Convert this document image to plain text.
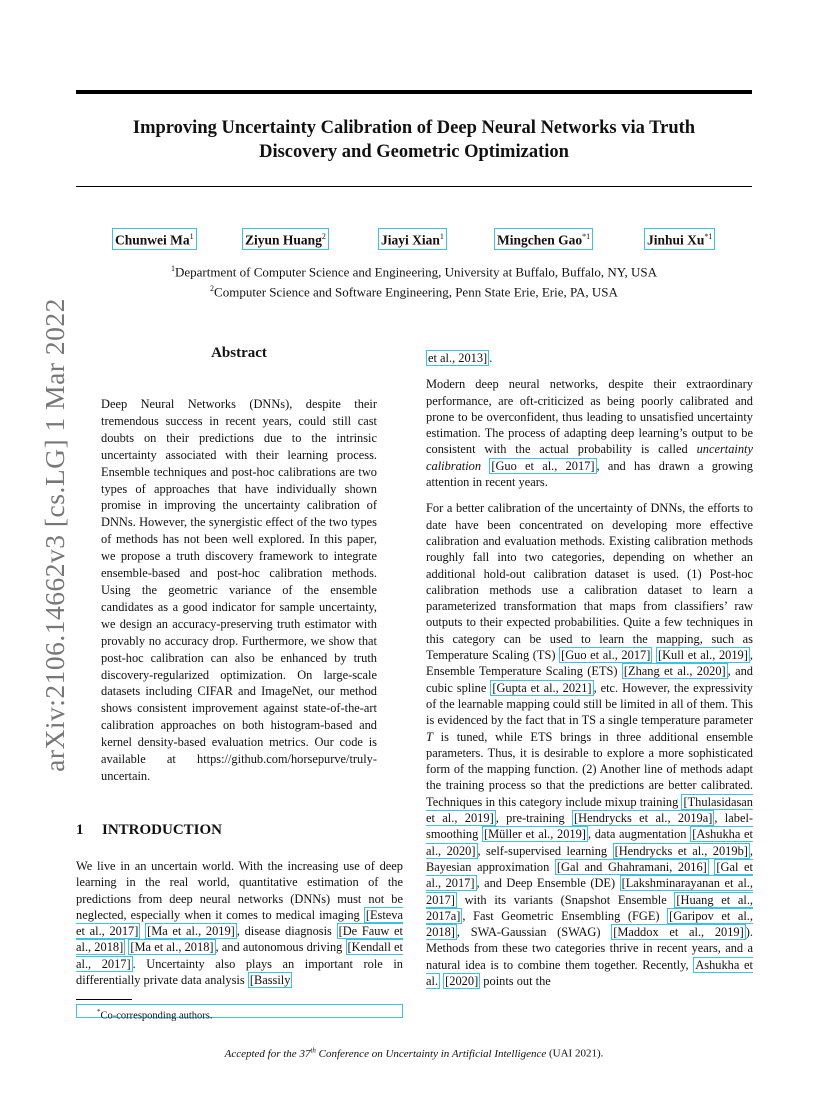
Improving Uncertainty Calibration of Deep Neural Networks via Truth
Discovery and Geometric Optimization
Chunwei Ma$^1$	Ziyun Huang$^2$	Jiayi Xian$^1$	Mingchen Gao$^{*1}$	Jinhui Xu$^{*1}$
$^1$Department of Computer Science and Engineering, University at Buffalo, Buffalo, NY, USA
$^2$Computer Science and Software Engineering, Penn State Erie, Erie, PA, USA
arXiv:2106.14662v3 [cs.LG] 1 Mar 2022	Abstract
Deep Neural Networks (DNNs), despite their tremendous success in recent years, could still cast doubts on their predictions due to the intrinsic uncertainty associated with their learning process. Ensemble techniques and post-hoc calibrations are two types of approaches that have individually shown promise in improving the uncertainty calibration of DNNs. However, the synergistic effect of the two types of methods has not been well explored. In this paper, we propose a truth discovery framework to integrate ensemble-based and post-hoc calibration methods. Using the geometric variance of the ensemble candidates as a good indicator for sample uncertainty, we design an accuracy-preserving truth estimator with provably no accuracy drop. Furthermore, we show that post-hoc calibration can also be enhanced by truth discovery-regularized optimization. On large-scale datasets including CIFAR and ImageNet, our method shows consistent improvement against state-of-the-art calibration approaches on both histogram-based and kernel density-based evaluation metrics. Our code is available at https://github.com/horsepurve/truly-uncertain.
1 INTRODUCTION
We live in an uncertain world. With the increasing use of deep learning in the real world, quantitative estimation of the predictions from deep neural networks (DNNs) must not be neglected, especially when it comes to medical imaging [Esteva et al., 2017] [Ma et al., 2019] , disease diagnosis [De Fauw et al., 2018] [Ma et al., 2018] , and autonomous driving [Kendall et al., 2017] . Uncertainty also plays an important role in differentially private data analysis [Bassily

et al., 2013] .

Modern deep neural networks, despite their extraordinary performance, are oft-criticized as being poorly calibrated and prone to be overconfident, thus leading to unsatisfied uncertainty estimation. The process of adapting deep learning’s output to be consistent with the actual probability is called uncertainty calibration [Guo et al., 2017] , and has drawn a growing attention in recent years.

For a better calibration of the uncertainty of DNNs, the efforts to date have been concentrated on developing more effective calibration and evaluation methods. Existing calibration methods roughly fall into two categories, depending on whether an additional hold-out calibration dataset is used. (1) Post-hoc calibration methods use a calibration dataset to learn a parameterized transformation that maps from classifiers’ raw outputs to their expected probabilities. Quite a few techniques in this category can be used to learn the mapping, such as Temperature Scaling (TS) [Guo et al., 2017] [Kull et al., 2019] , Ensemble Temperature Scaling (ETS) [Zhang et al., 2020] , and cubic spline [Gupta et al., 2021] , etc. However, the expressivity of the learnable mapping could still be limited in all of them. This is evidenced by the fact that in TS a single temperature parameter T is tuned, while ETS brings in three additional ensemble parameters. Thus, it is desirable to explore a more sophisticated form of the mapping function. (2) Another line of methods adapt the training process so that the predictions are better calibrated. Techniques in this category include mixup training [Thulasidasan et al., 2019] , pre-training [Hendrycks et al., 2019a] , label-smoothing [Müller et al., 2019] , data augmentation [Ashukha et al., 2020] , self-supervised learning [Hendrycks et al., 2019b] , Bayesian approximation [Gal and Ghahramani, 2016] [Gal et al., 2017] , and Deep Ensemble (DE) [Lakshminarayanan et al., 2017] with its variants (Snapshot Ensemble [Huang et al., 2017a] , Fast Geometric Ensembling (FGE) [Garipov et al., 2018] , SWA-Gaussian (SWAG) [Maddox et al., 2019] ). Methods from these two categories thrive in recent years, and a natural idea is to combine them together. Recently, Ashukha et al. [2020] points out the

*Co-corresponding authors.
Accepted for the 37th Conference on Uncertainty in Artificial Intelligence (UAI 2021).
